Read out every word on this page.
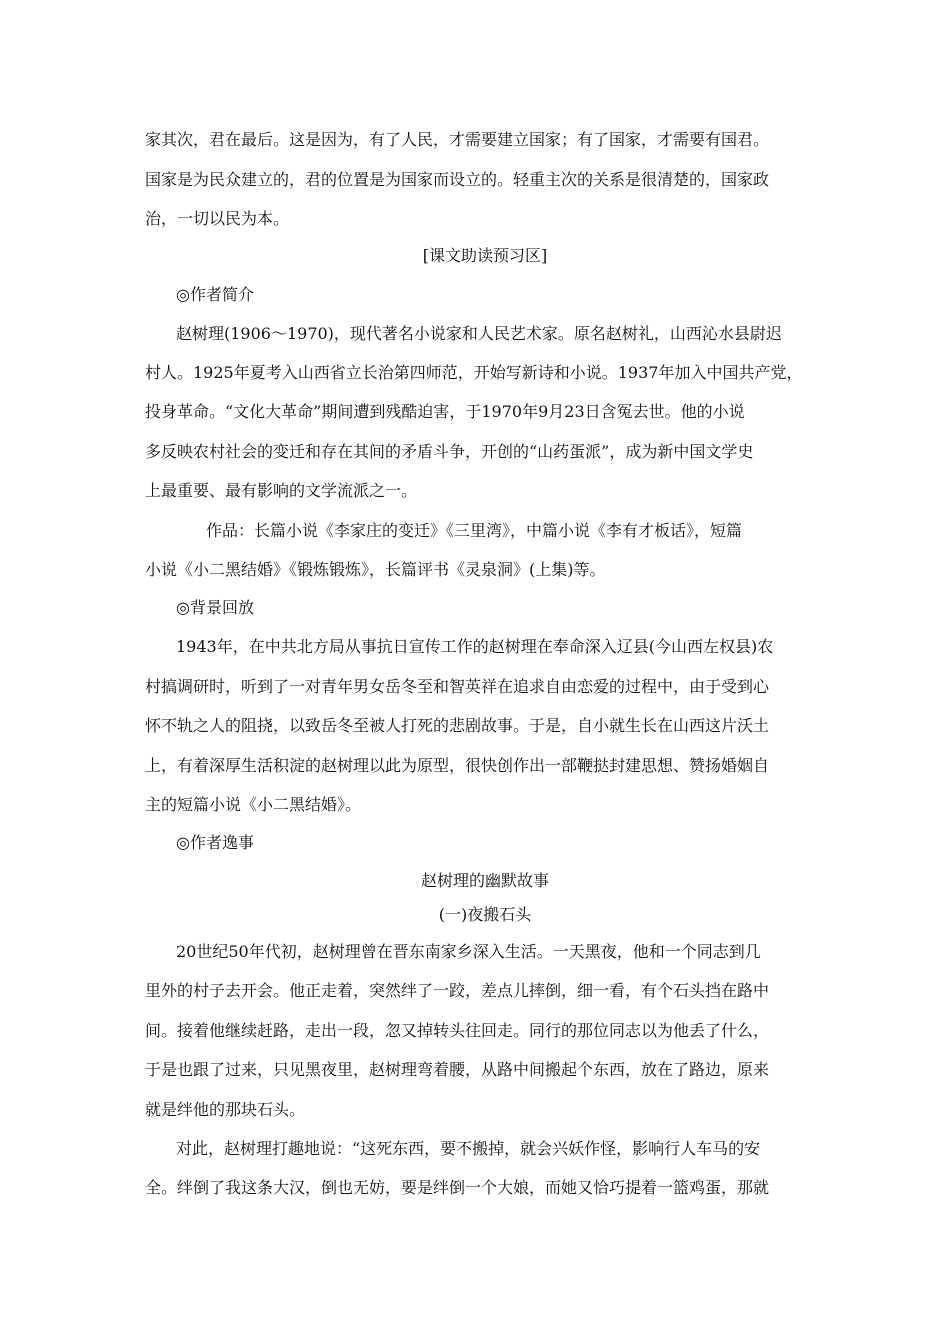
家其次，君在最后。这是因为，有了人民，才需要建立国家；有了国家，才需要有国君。
国家是为民众建立的，君的位置是为国家而设立的。轻重主次的关系是很清楚的，国家政
治，一切以民为本。
[课文助读预习区]
◎作者简介
赵树理(1906～1970)，现代著名小说家和人民艺术家。原名赵树礼，山西沁水县尉迟
村人。1925年夏考入山西省立长治第四师范，开始写新诗和小说。1937年加入中国共产党，
投身革命。“文化大革命”期间遭到残酷迫害，于1970年9月23日含冤去世。他的小说
多反映农村社会的变迁和存在其间的矛盾斗争，开创的“山药蛋派”，成为新中国文学史
上最重要、最有影响的文学流派之一。
作品：长篇小说《李家庄的变迁》《三里湾》，中篇小说《李有才板话》，短篇
小说《小二黑结婚》《锻炼锻炼》，长篇评书《灵泉洞》(上集)等。
◎背景回放
1943年，在中共北方局从事抗日宣传工作的赵树理在奉命深入辽县(今山西左权县)农
村搞调研时，听到了一对青年男女岳冬至和智英祥在追求自由恋爱的过程中，由于受到心
怀不轨之人的阻挠，以致岳冬至被人打死的悲剧故事。于是，自小就生长在山西这片沃土
上，有着深厚生活积淀的赵树理以此为原型，很快创作出一部鞭挞封建思想、赞扬婚姻自
主的短篇小说《小二黑结婚》。
◎作者逸事
赵树理的幽默故事
(一)夜搬石头
20世纪50年代初，赵树理曾在晋东南家乡深入生活。一天黑夜，他和一个同志到几
里外的村子去开会。他正走着，突然绊了一跤，差点儿摔倒，细一看，有个石头挡在路中
间。接着他继续赶路，走出一段，忽又掉转头往回走。同行的那位同志以为他丢了什么，
于是也跟了过来，只见黑夜里，赵树理弯着腰，从路中间搬起个东西，放在了路边，原来
就是绊他的那块石头。
对此，赵树理打趣地说：“这死东西，要不搬掉，就会兴妖作怪，影响行人车马的安
全。绊倒了我这条大汉，倒也无妨，要是绊倒一个大娘，而她又恰巧提着一篮鸡蛋，那就
